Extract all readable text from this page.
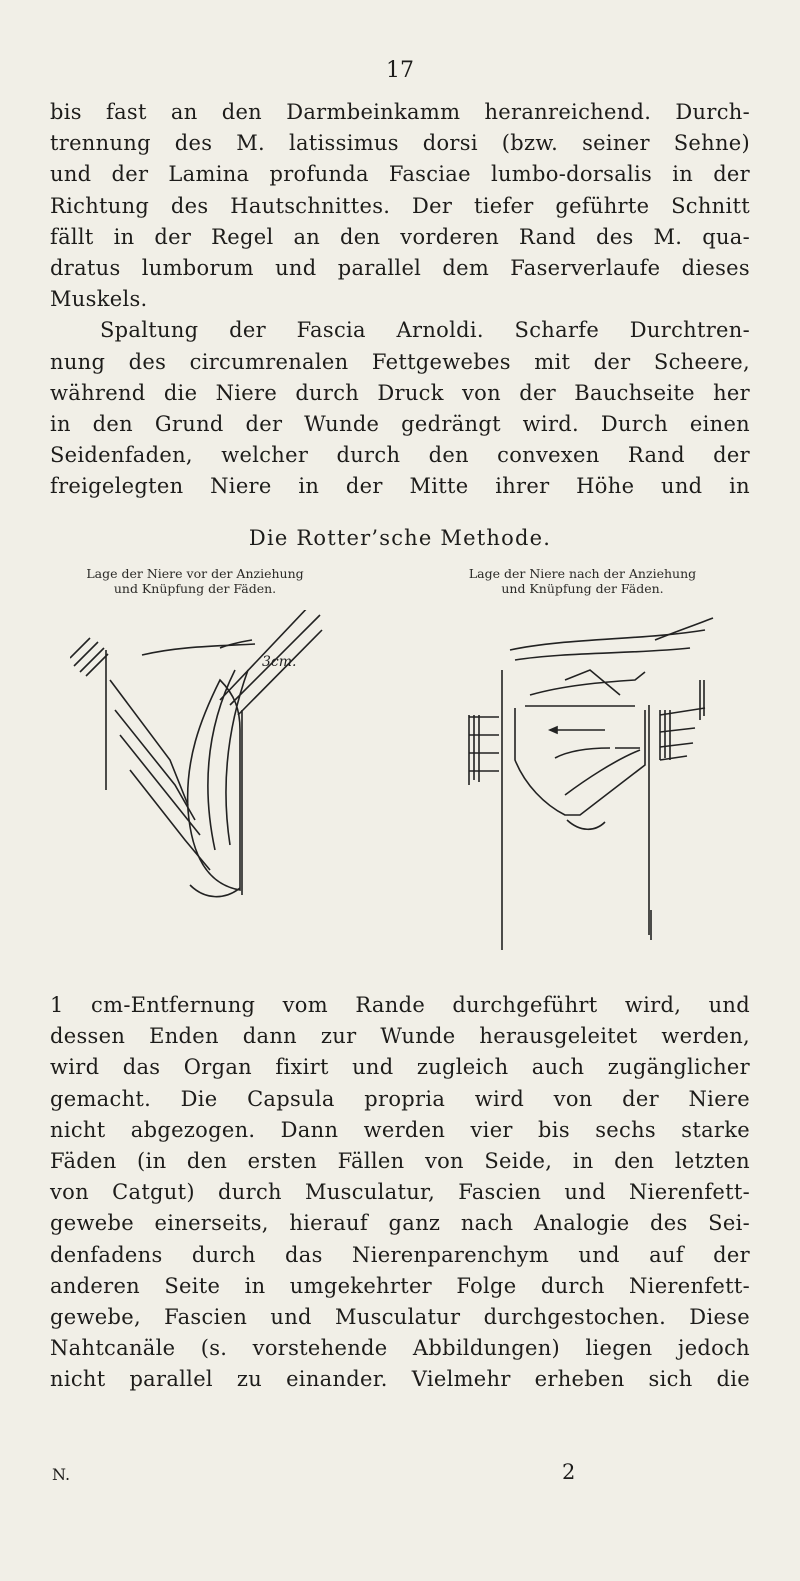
17
bis fast an den Darmbeinkamm heranreichend. Durch-
trennung des M. latissimus dorsi (bzw. seiner Sehne)
und der Lamina profunda Fasciae lumbo-dorsalis in der
Richtung des Hautschnittes. Der tiefer geführte Schnitt
fällt in der Regel an den vorderen Rand des M. qua-
dratus lumborum und parallel dem Faserverlaufe dieses
Muskels.
Spaltung der Fascia Arnoldi. Scharfe Durchtren-
nung des circumrenalen Fettgewebes mit der Scheere,
während die Niere durch Druck von der Bauchseite her
in den Grund der Wunde gedrängt wird. Durch einen
Seidenfaden, welcher durch den convexen Rand der
freigelegten Niere in der Mitte ihrer Höhe und in
Die Rotter’sche Methode.
Lage der Niere vor der Anziehung
und Knüpfung der Fäden.
Lage der Niere nach der Anziehung
und Knüpfung der Fäden.
3cm.
1 cm-Entfernung vom Rande durchgeführt wird, und
dessen Enden dann zur Wunde herausgeleitet werden,
wird das Organ fixirt und zugleich auch zugänglicher
gemacht. Die Capsula propria wird von der Niere
nicht abgezogen. Dann werden vier bis sechs starke
Fäden (in den ersten Fällen von Seide, in den letzten
von Catgut) durch Musculatur, Fascien und Nierenfett-
gewebe einerseits, hierauf ganz nach Analogie des Sei-
denfadens durch das Nierenparenchym und auf der
anderen Seite in umgekehrter Folge durch Nierenfett-
gewebe, Fascien und Musculatur durchgestochen. Diese
Nahtcanäle (s. vorstehende Abbildungen) liegen jedoch
nicht parallel zu einander. Vielmehr erheben sich die
N.	2
